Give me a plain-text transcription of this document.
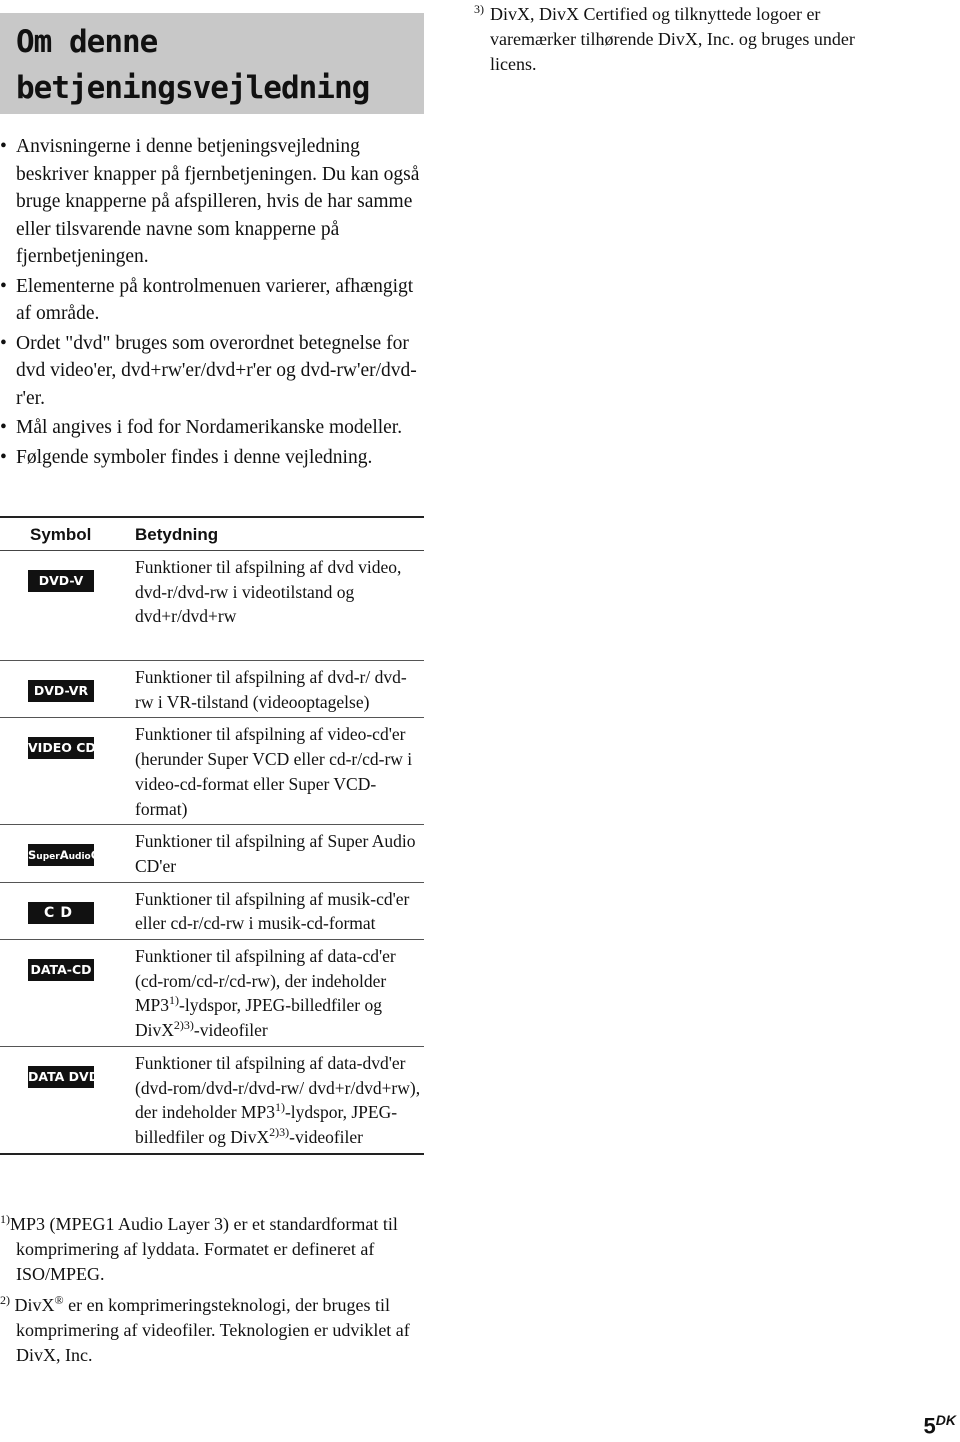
Om denne betjeningsvejledning
$^{3)}$ DivX, DivX Certified og tilknyttede logoer er varemærker tilhørende DivX, Inc. og bruges under licens.
• Anvisningerne i denne betjeningsvejledning beskriver knapper på fjernbetjeningen. Du kan også bruge knapperne på afspilleren, hvis de har samme eller tilsvarende navne som knapperne på fjernbetjeningen.
• Elementerne på kontrolmenuen varierer, afhængigt af område.
• Ordet "dvd" bruges som overordnet betegnelse for dvd video'er, dvd+rw'er/dvd+r'er og dvd-rw'er/dvd-r'er.
• Mål angives i fod for Nordamerikanske modeller.
• Følgende symboler findes i denne vejledning.
Symbol	Betydning
DVD-V	Funktioner til afspilning af dvd video, dvd-r/dvd-rw i videotilstand og dvd+r/dvd+rw
DVD-VR	Funktioner til afspilning af dvd-r/ dvd-rw i VR-tilstand (videooptagelse)
VIDEO CD	Funktioner til afspilning af video-cd'er (herunder Super VCD eller cd-r/cd-rw i video-cd-format eller Super VCD-format)
SuperAudioCD	Funktioner til afspilning af Super Audio CD'er
CD	Funktioner til afspilning af musik-cd'er eller cd-r/cd-rw i musik-cd-format
DATA-CD	Funktioner til afspilning af data-cd'er (cd-rom/cd-r/cd-rw), der indeholder MP3$^{1)}$-lydspor, JPEG-billedfiler og DivX$^{2)3)}$-videofiler
DATA DVD	Funktioner til afspilning af data-dvd'er (dvd-rom/dvd-r/dvd-rw/ dvd+r/dvd+rw), der indeholder MP3$^{1)}$-lydspor, JPEG-billedfiler og DivX$^{2)3)}$-videofiler

$^{1)}$MP3 (MPEG1 Audio Layer 3) er et standardformat til komprimering af lyddata. Formatet er defineret af ISO/MPEG.

$^{2)}$ DivX® er en komprimeringsteknologi, der bruges til komprimering af videofiler. Teknologien er udviklet af DivX, Inc.

$5^{DK}$
